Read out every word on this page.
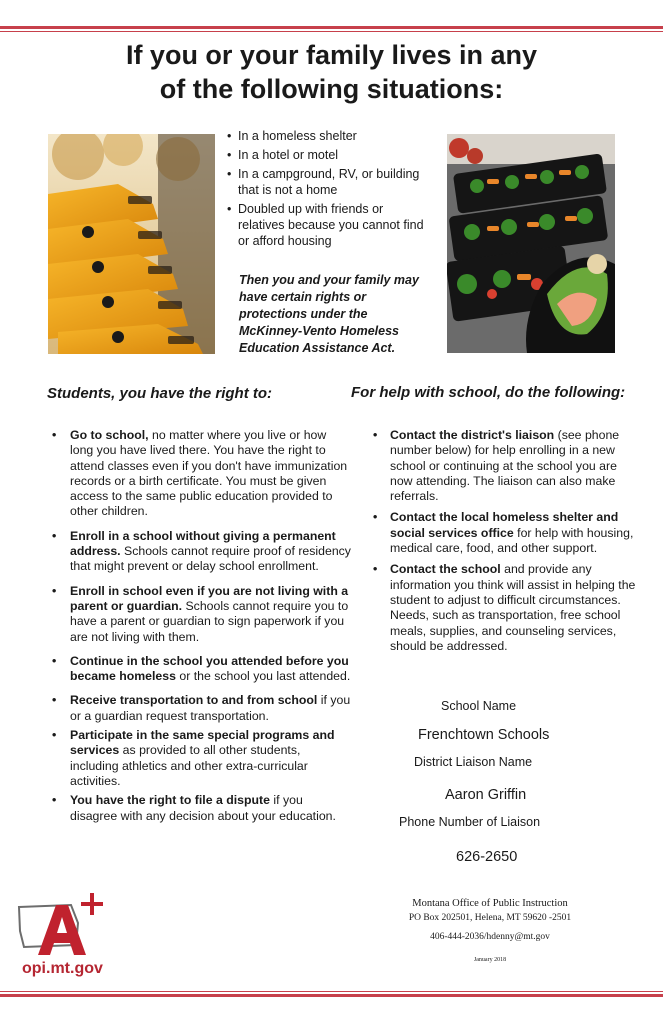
If you or your family lives in any
of the following situations:
• In a homeless shelter
• In a hotel or motel
• In a campground, RV, or building that is not a home
• Doubled up with friends or relatives because you cannot find or afford housing
Then you and your family may have certain rights or protections under the McKinney-Vento Homeless Education Assistance Act.
Students, you have the right to:	For help with school, do the following:
• Go to school, no matter where you live or how long you have lived there. You have the right to attend classes even if you don't have immunization records or a birth certificate. You must be given access to the same public education provided to other children.
• Enroll in a school without giving a permanent address. Schools cannot require proof of residency that might prevent or delay school enrollment.
• Enroll in school even if you are not living with a parent or guardian. Schools cannot require you to have a parent or guardian to sign paperwork if you are not living with them.
• Continue in the school you attended before you became homeless or the school you last attended.
• Receive transportation to and from school if you or a guardian request transportation.
• Participate in the same special programs and services as provided to all other students, including athletics and other extra-curricular activities.
• You have the right to file a dispute if you disagree with any decision about your education.
• Contact the district's liaison (see phone number below) for help enrolling in a new school or continuing at the school you are now attending. The liaison can also make referrals.
• Contact the local homeless shelter and social services office for help with housing, medical care, food, and other support.
• Contact the school and provide any information you think will assist in helping the student to adjust to difficult circumstances. Needs, such as transportation, free school meals, supplies, and counseling services, should be addressed.
School Name
Frenchtown Schools
District Liaison Name
Aaron Griffin
Phone Number of Liaison
626-2650
opi.mt.gov
Montana Office of Public Instruction
PO Box 202501, Helena, MT 59620 -2501
406-444-2036/hdenny@mt.gov
January 2018
